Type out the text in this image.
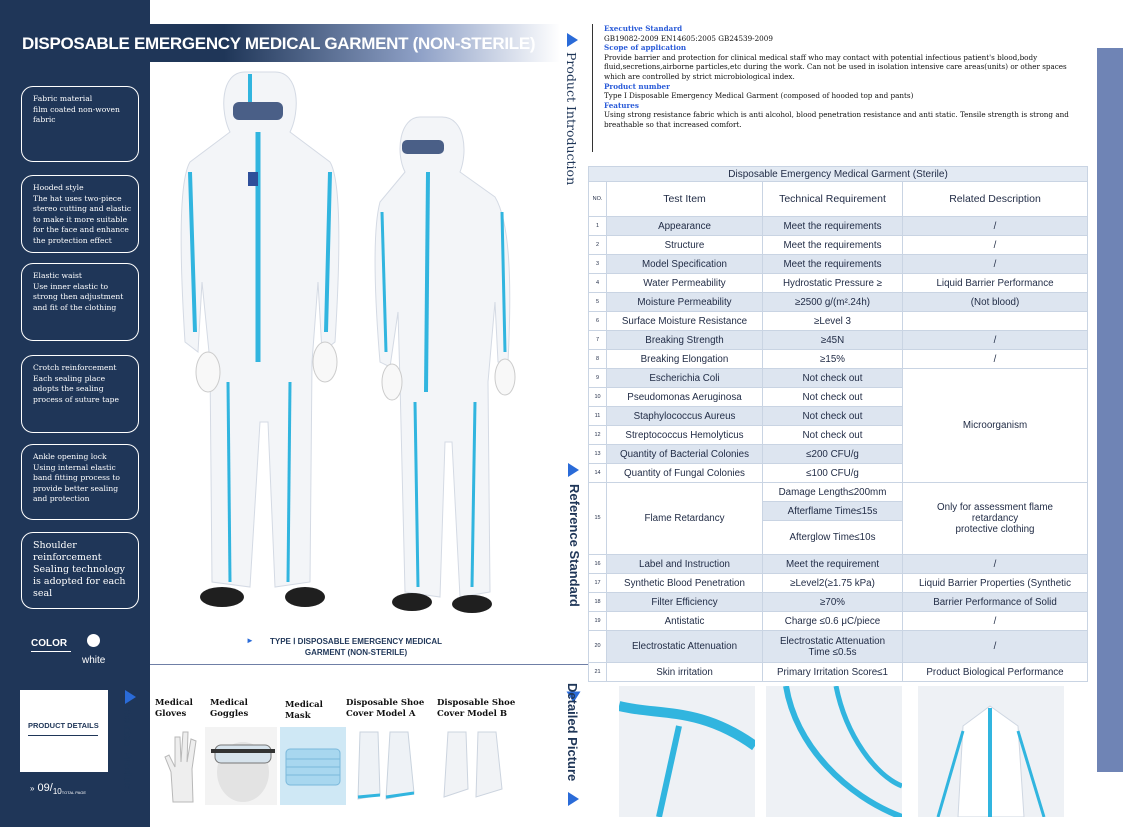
Fabric material
film coated non-woven fabric
Hooded style
The hat uses two-piece stereo cutting and elastic to make it more suitable for the face and enhance the protection effect
Elastic waist
Use inner elastic to strong then adjustment and fit of the clothing
Crotch reinforcement
Each sealing place adopts the sealing process of suture tape
Ankle opening lock
Using internal elastic band fitting process to provide better sealing and protection
Shoulder reinforcement
Sealing technology is adopted for each seal
COLOR
white
PRODUCT DETAILS
» $09/_{10TOTAL PAGE}$
DISPOSABLE EMERGENCY MEDICAL GARMENT (NON-STERILE)
TYPE Ⅰ DISPOSABLE EMERGENCY MEDICAL
GARMENT (NON-STERILE)
►
Product Introduction
Reference Standard
Related Product	Detailed Picture
Executive Standard
GB19082-2009 EN14605:2005 GB24539-2009
Scope of application
Provide barrier and protection for clinical medical staff who may contact with potential infectious patient's blood,body fluid,secretions,airborne particles,etc during the work. Can not be used in isolation intensive care areas(units) or other spaces which are controlled by strict microbiological index.
Product number
Type Ⅰ Disposable Emergency Medical Garment (composed of hooded top and pants)
Features
Using strong resistance fabric which is anti alcohol, blood penetration resistance and anti static. Tensile strength is strong and breathable so that increased comfort.
Disposable Emergency Medical Garment (Sterile)			
NO.	Test Item	Technical Requirement	Related Description
1	Appearance	Meet the requirements	/
2	Structure	Meet the requirements	/
3	Model Specification	Meet the requirements	/
4	Water Permeability	Hydrostatic Pressure ≥	Liquid Barrier Performance
5	Moisture Permeability	≥2500 g/(m².24h)	(Not blood)
6	Surface Moisture Resistance	≥Level 3	
7	Breaking Strength	≥45N	/
8	Breaking Elongation	≥15%	/
9	Escherichia Coli	Not check out	Microorganism
10	Pseudomonas Aeruginosa	Not check out	
11	Staphylococcus Aureus	Not check out	
12	Streptococcus Hemolyticus	Not check out	
13	Quantity of Bacterial Colonies	≤200 CFU/g	
14	Quantity of Fungal Colonies	≤100 CFU/g	
15	Flame Retardancy	Damage Length≤200mm	Only for assessment flame
retardancy
protective clothing
		Afterflame Time≤15s	
		Afterglow Time≤10s	
16	Label and Instruction	Meet the requirement	/
17	Synthetic Blood Penetration	≥Level2(≥1.75 kPa)	Liquid Barrier Properties (Synthetic
18	Filter Efficiency	≥70%	Barrier Performance of Solid
19	Antistatic	Charge ≤0.6 μC/piece	/
20	Electrostatic Attenuation	Electrostatic Attenuation
Time ≤0.5s	/
21	Skin irritation	Primary Irritation Score≤1	Product Biological Performance
Medical
Gloves
Medical
Goggles
Medical
Mask
Disposable Shoe
Cover Model A
Disposable Shoe
Cover Model B
